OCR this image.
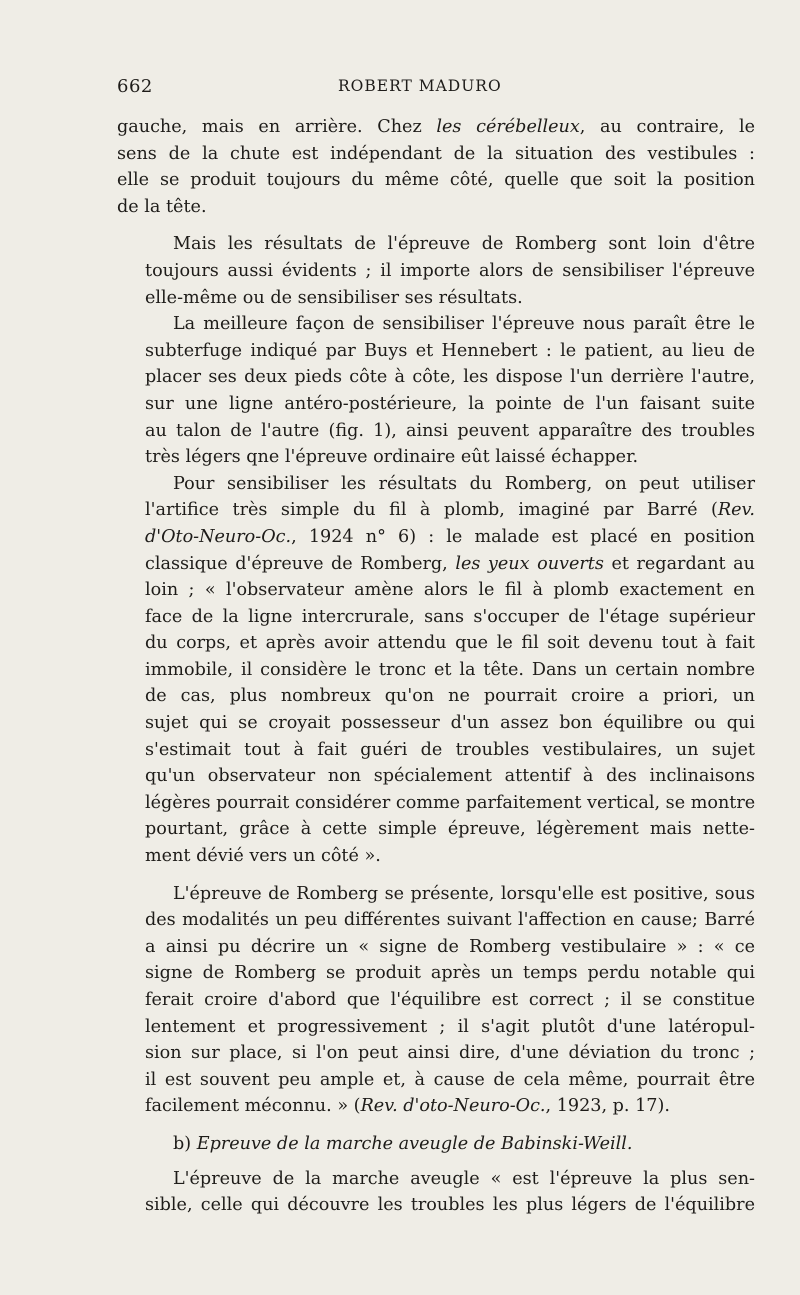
662	ROBERT MADURO
gauche, mais en arrière. Chez les cérébelleux, au contraire, le
sens de la chute est indépendant de la situation des vestibules :
elle se produit toujours du même côté, quelle que soit la position
de la tête.
Mais les résultats de l'épreuve de Romberg sont loin d'être
toujours aussi évidents ; il importe alors de sensibiliser l'épreuve
elle-même ou de sensibiliser ses résultats.
La meilleure façon de sensibiliser l'épreuve nous paraît être le
subterfuge indiqué par Buys et Hennebert : le patient, au lieu de
placer ses deux pieds côte à côte, les dispose l'un derrière l'autre,
sur une ligne antéro-postérieure, la pointe de l'un faisant suite
au talon de l'autre (fig. 1), ainsi peuvent apparaître des troubles
très légers qne l'épreuve ordinaire eût laissé échapper.
Pour sensibiliser les résultats du Romberg, on peut utiliser
l'artifice très simple du fil à plomb, imaginé par Barré (Rev.
d'Oto-Neuro-Oc., 1924 n° 6) : le malade est placé en position
classique d'épreuve de Romberg, les yeux ouverts et regardant au
loin ; « l'observateur amène alors le fil à plomb exactement en
face de la ligne intercrurale, sans s'occuper de l'étage supérieur
du corps, et après avoir attendu que le fil soit devenu tout à fait
immobile, il considère le tronc et la tête. Dans un certain nombre
de cas, plus nombreux qu'on ne pourrait croire a priori, un
sujet qui se croyait possesseur d'un assez bon équilibre ou qui
s'estimait tout à fait guéri de troubles vestibulaires, un sujet
qu'un observateur non spécialement attentif à des inclinaisons
légères pourrait considérer comme parfaitement vertical, se montre
pourtant, grâce à cette simple épreuve, légèrement mais nette-
ment dévié vers un côté ».
L'épreuve de Romberg se présente, lorsqu'elle est positive, sous
des modalités un peu différentes suivant l'affection en cause; Barré
a ainsi pu décrire un « signe de Romberg vestibulaire » : « ce
signe de Romberg se produit après un temps perdu notable qui
ferait croire d'abord que l'équilibre est correct ; il se constitue
lentement et progressivement ; il s'agit plutôt d'une latéropul-
sion sur place, si l'on peut ainsi dire, d'une déviation du tronc ;
il est souvent peu ample et, à cause de cela même, pourrait être
facilement méconnu. » (Rev. d'oto-Neuro-Oc., 1923, p. 17).
b) Epreuve de la marche aveugle de Babinski-Weill.
L'épreuve de la marche aveugle « est l'épreuve la plus sen-
sible, celle qui découvre les troubles les plus légers de l'équilibre
